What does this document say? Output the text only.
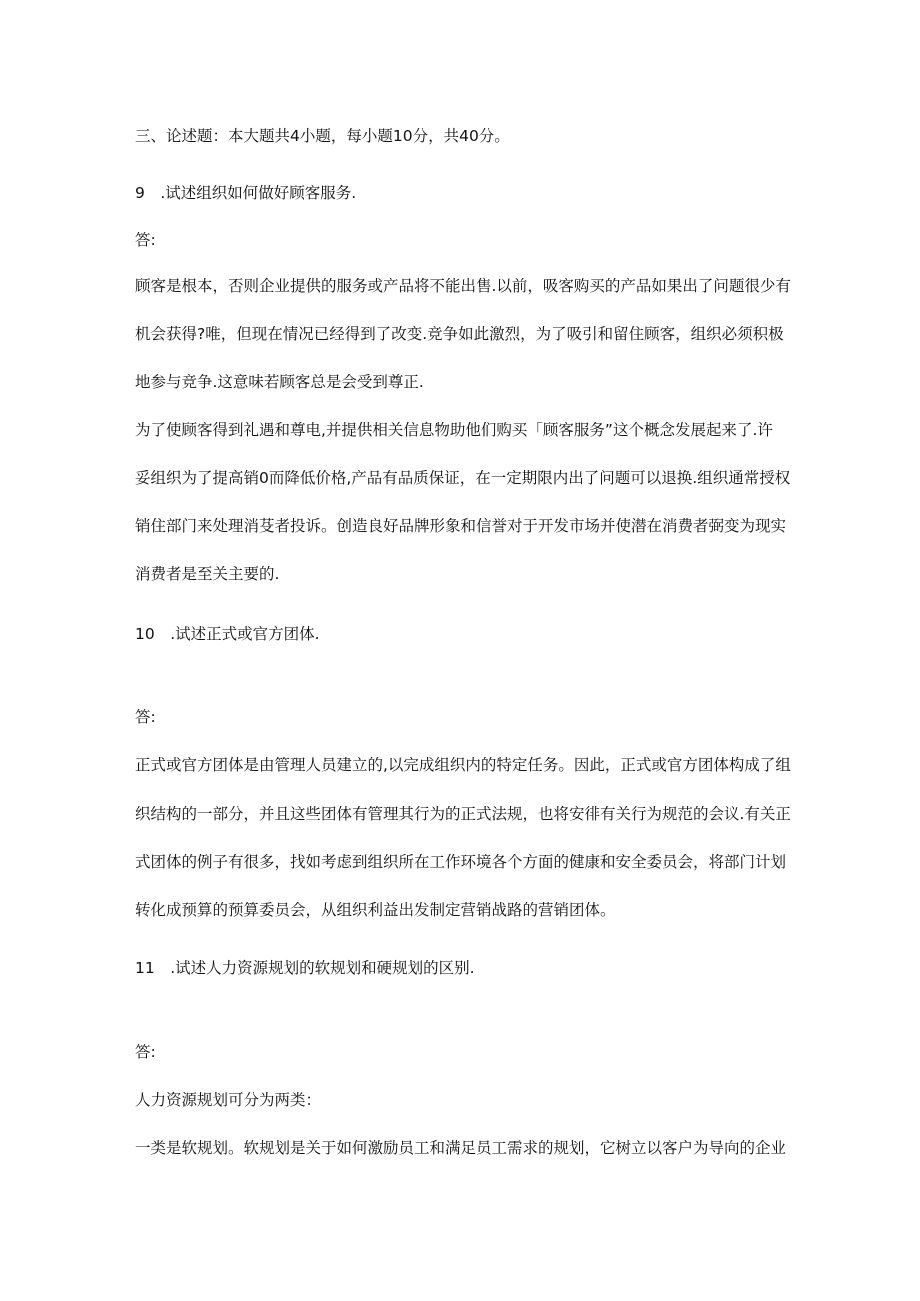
三、论述题：本大题共4小题，每小题10分，共40分。
9　.试述组织如何做好顾客服务.
答:
顾客是根本，否则企业提供的服务或产品将不能出售.以前，吸客购买的产品如果出了问题很少有
机会获得?唯，但现在情况已经得到了改变.竞争如此激烈，为了吸引和留住顾客，组织必须积极
地参与竞争.这意味若顾客总是会受到尊正.
为了使顾客得到礼遇和尊电,并提供相关信息物助他们购买「顾客服务”这个概念发展起来了.许
妥组织为了提高销0而降低价格,产品有品质保证，在一定期限内出了问题可以退换.组织通常授权
销住部门来处理消芟者投诉。创造良好品牌形象和信誉对于开发市场并使潜在消费者弼变为现实
消费者是至关主要的.
10　.试述正式或官方团体.
答:
正式或官方团体是由管理人员建立的,以完成组织内的特定任务。因此，正式或官方团体构成了组
织结构的一部分，并且这些团体有管理其行为的正式法规，也将安徘有关行为规范的会议.有关正
式团体的例子有很多，找如考虑到组织所在工作环境各个方面的健康和安全委员会，将部门计划
转化成预算的预算委员会，从组织利益出发制定营销战路的营销团体。
11　.试述人力资源规划的软规划和硬规划的区别.
答:
人力资源规划可分为两类：
一类是软规划。软规划是关于如何激励员工和满足员工需求的规划，它树立以客户为导向的企业
